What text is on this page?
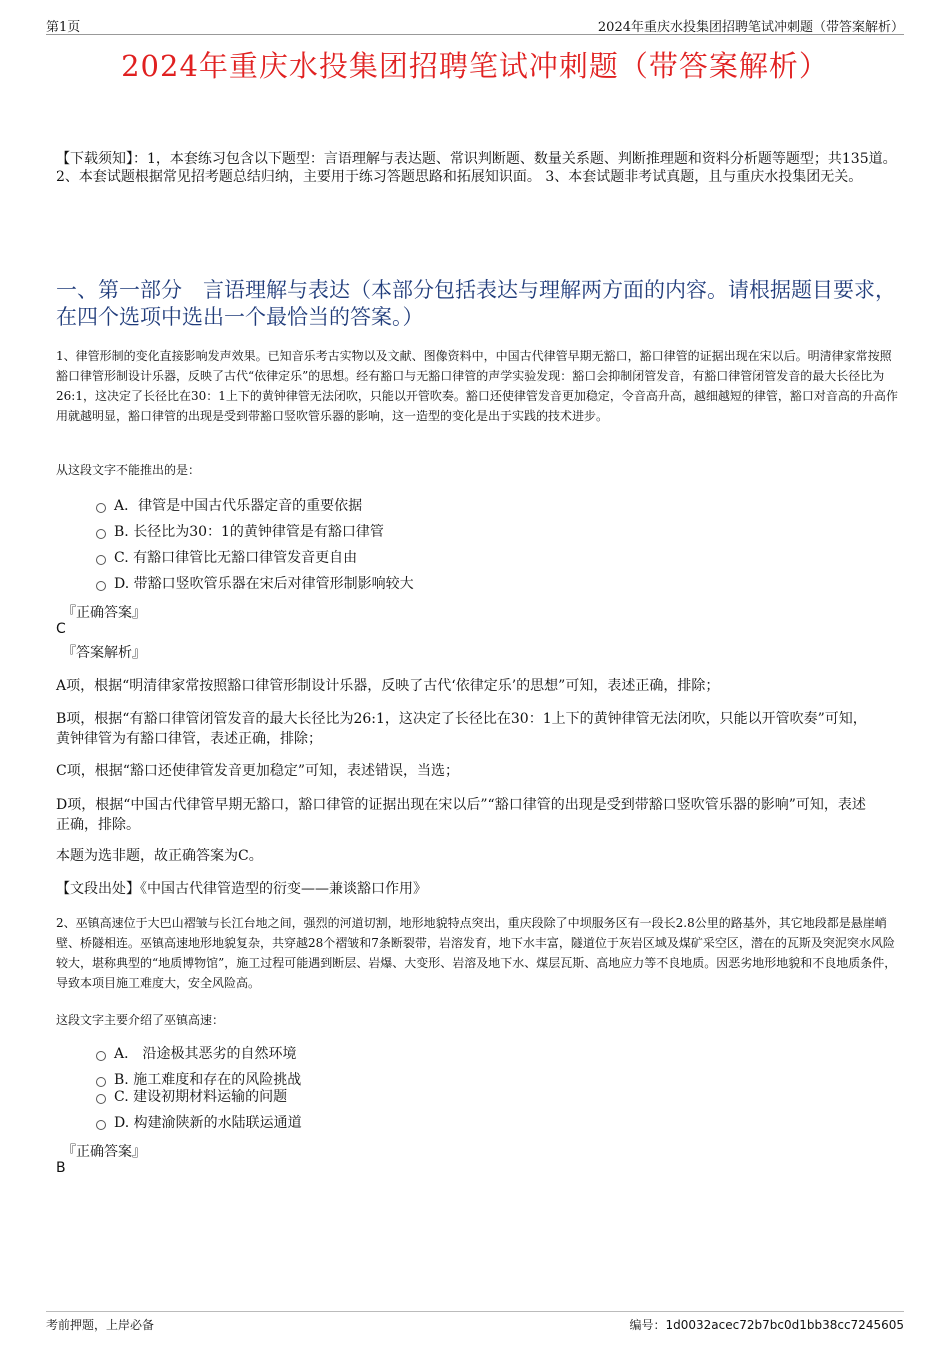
第1页	2024年重庆水投集团招聘笔试冲刺题（带答案解析）
2024年重庆水投集团招聘笔试冲刺题（带答案解析）
【下载须知】：1，本套练习包含以下题型：言语理解与表达题、常识判断题、数量关系题、判断推理题和资料分析题等题型；共135道。 2、本套试题根据常见招考题总结归纳，主要用于练习答题思路和拓展知识面。 3、本套试题非考试真题，且与重庆水投集团无关。
一、第一部分　言语理解与表达（本部分包括表达与理解两方面的内容。请根据题目要求，在四个选项中选出一个最恰当的答案。）
1、律管形制的变化直接影响发声效果。已知音乐考古实物以及文献、图像资料中，中国古代律管早期无豁口，豁口律管的证据出现在宋以后。明清律家常按照豁口律管形制设计乐器，反映了古代“依律定乐”的思想。经有豁口与无豁口律管的声学实验发现：豁口会抑制闭管发音，有豁口律管闭管发音的最大长径比为26:1，这决定了长径比在30：1上下的黄钟律管无法闭吹，只能以开管吹奏。豁口还使律管发音更加稳定，令音高升高，越细越短的律管，豁口对音高的升高作用就越明显，豁口律管的出现是受到带豁口竖吹管乐器的影响，这一造型的变化是出于实践的技术进步。
从这段文字不能推出的是：
A．律管是中国古代乐器定音的重要依据
B. 长径比为30：1的黄钟律管是有豁口律管
C. 有豁口律管比无豁口律管发音更自由
D. 带豁口竖吹管乐器在宋后对律管形制影响较大
『正确答案』
C
『答案解析』
A项，根据“明清律家常按照豁口律管形制设计乐器，反映了古代‘依律定乐’的思想”可知，表述正确，排除；
B项，根据“有豁口律管闭管发音的最大长径比为26:1，这决定了长径比在30：1上下的黄钟律管无法闭吹，只能以开管吹奏”可知，黄钟律管为有豁口律管，表述正确，排除；
C项，根据“豁口还使律管发音更加稳定”可知，表述错误，当选；
D项，根据“中国古代律管早期无豁口，豁口律管的证据出现在宋以后”“豁口律管的出现是受到带豁口竖吹管乐器的影响”可知，表述正确，排除。
本题为选非题，故正确答案为C。
【文段出处】《中国古代律管造型的衍变——兼谈豁口作用》
2、巫镇高速位于大巴山褶皱与长江台地之间，强烈的河道切割，地形地貌特点突出，重庆段除了中坝服务区有一段长2.8公里的路基外，其它地段都是悬崖峭壁、桥隧相连。巫镇高速地形地貌复杂，共穿越28个褶皱和7条断裂带，岩溶发育，地下水丰富，隧道位于灰岩区域及煤矿采空区，潜在的瓦斯及突泥突水风险较大，堪称典型的“地质博物馆”，施工过程可能遇到断层、岩爆、大变形、岩溶及地下水、煤层瓦斯、高地应力等不良地质。因恶劣地形地貌和不良地质条件，导致本项目施工难度大，安全风险高。
这段文字主要介绍了巫镇高速：
A． 沿途极其恶劣的自然环境
B. 施工难度和存在的风险挑战
C. 建设初期材料运输的问题
D. 构建渝陕新的水陆联运通道
『正确答案』
B
考前押题，上岸必备	编号：1d0032acec72b7bc0d1bb38cc7245605
